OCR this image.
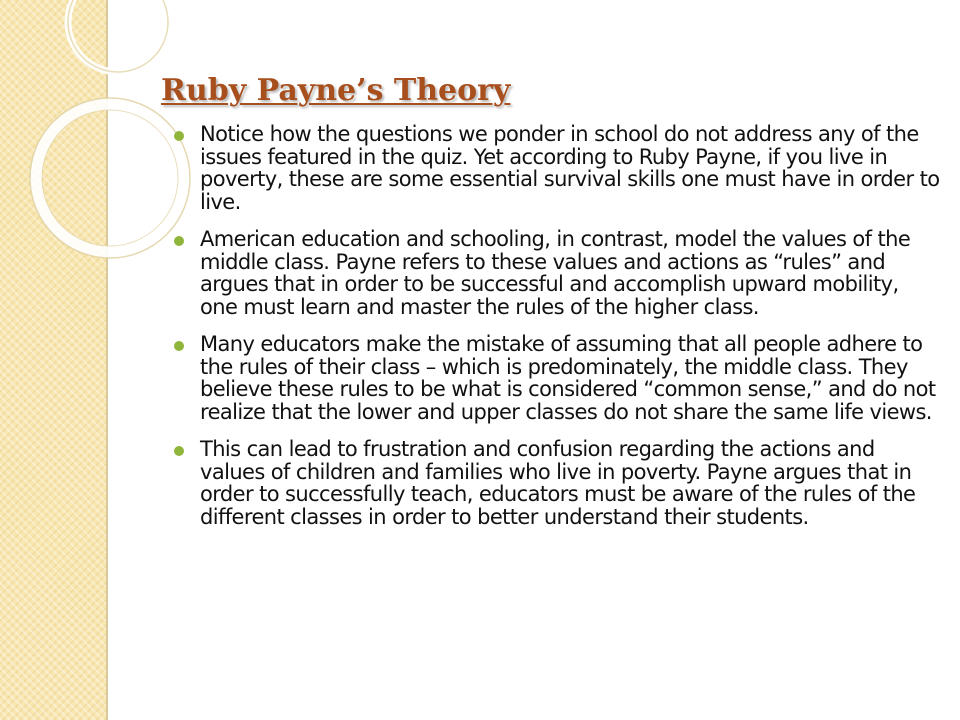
Ruby Payne’s Theory
Notice how the questions we ponder in school do not address any of the issues featured in the quiz. Yet according to Ruby Payne, if you live in poverty, these are some essential survival skills one must have in order to live.
American education and schooling, in contrast, model the values of the middle class. Payne refers to these values and actions as “rules” and argues that in order to be successful and accomplish upward mobility, one must learn and master the rules of the higher class.
Many educators make the mistake of assuming that all people adhere to the rules of their class – which is predominately, the middle class. They believe these rules to be what is considered “common sense,” and do not realize that the lower and upper classes do not share the same life views.
This can lead to frustration and confusion regarding the actions and values of children and families who live in poverty. Payne argues that in order to successfully teach, educators must be aware of the rules of the different classes in order to better understand their students.
